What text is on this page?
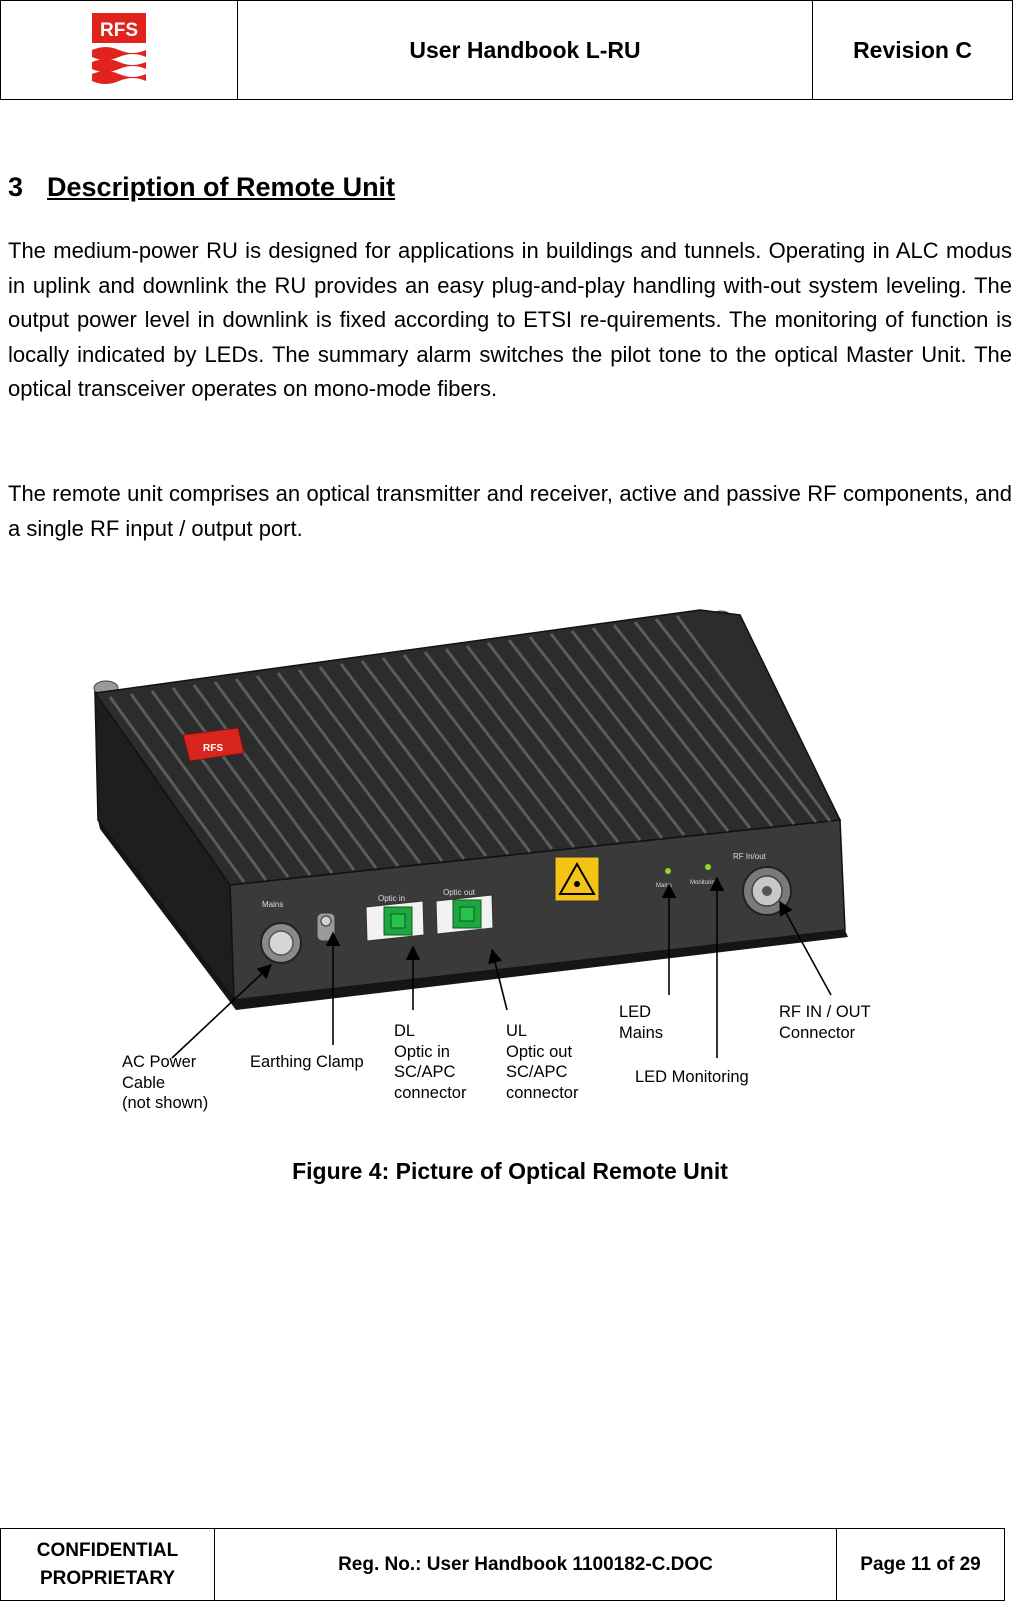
RFS
User Handbook L-RU	Revision C
3 Description of Remote Unit

The medium-power RU is designed for applications in buildings and tunnels. Operating in ALC modus in uplink and downlink the RU provides an easy plug-and-play handling with-out system leveling. The output power level in downlink is fixed according to ETSI re-quirements. The monitoring of function is locally indicated by LEDs. The summary alarm switches the pilot tone to the optical Master Unit. The optical transceiver operates on mono-mode fibers.

The remote unit comprises an optical transmitter and receiver, active and passive RF components, and a single RF input / output port.

RFS
Mains
Optic in
Optic out
RF In/out
Mains	Monitoring
AC Power
Cable
(not shown)
Earthing Clamp
DL
Optic in
SC/APC
connector
UL
Optic out
SC/APC
connector
LED
Mains
LED Monitoring
RF IN / OUT
Connector
Figure 4: Picture of Optical Remote Unit
CONFIDENTIAL
PROPRIETARY
Reg. No.: User Handbook 1100182-C.DOC	Page 11 of 29
